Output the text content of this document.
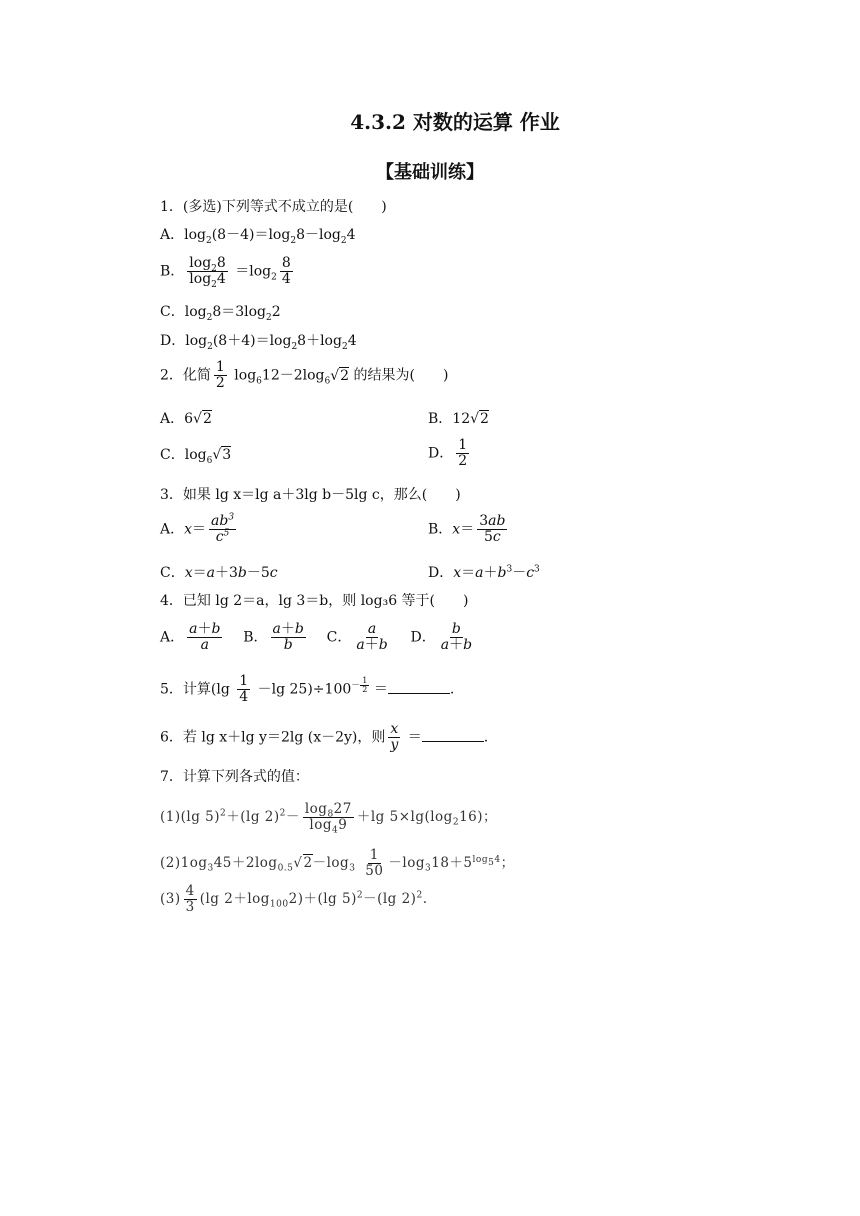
4.3.2 对数的运算 作业
【基础训练】
1．(多选)下列等式不成立的是(　　)
A．$\log_2(8-4)=\log_28-\log_24$
B． $\frac{\log_28}{\log_24} =\log_2 \frac{8}{4}$
C．$\log_28=3\log_22$
D．$\log_2(8+4)=\log_28+\log_24$
2．化简 $\frac{1}{2} \log_612-2\log_6√2$ 的结果为(　　)
A．6√2	B．12√2
C．$\log_6√3$	D． $\frac{1}{2}$
3．如果 lg x＝lg a＋3lg b－5lg c，那么(　　)
A．$x= \frac{ab^3}{c^5}$	B．$x= \frac{3ab}{5c}$
C．x＝a＋3b－5c	D．$x=a+b^3-c^3$
4．已知 lg 2＝a，lg 3＝b，则 log₃6 等于(　　)
A． $\frac{a+b}{a}$ B． $\frac{a+b}{b}$ C． $\frac{a}{a+b}$ D． $\frac{b}{a+b}$
5．计算($\lg \frac{1}{4} -\lg$ $25)\div 100^{- \frac{1}{2}}$ ＝	.
6．若 lg x＋lg y＝2lg (x－2y)，则 $\frac{x}{y}$ ＝	.
7．计算下列各式的值：
(1)(lg 5)$^2$＋(lg $2)^2- \frac{\log_827}{\log_49} +\lg$ $5\times\lg(\log_216)$；
$(2)1og_345+2\log_{0.5}√2-\log_3 \frac{1}{50} -\log_318+5^{log_54}$；
$(3) \frac{4}{3} (\lg$ $2+\log_{100}2)+(\lg$ 5)$^2$－(lg 2)$^2$.
